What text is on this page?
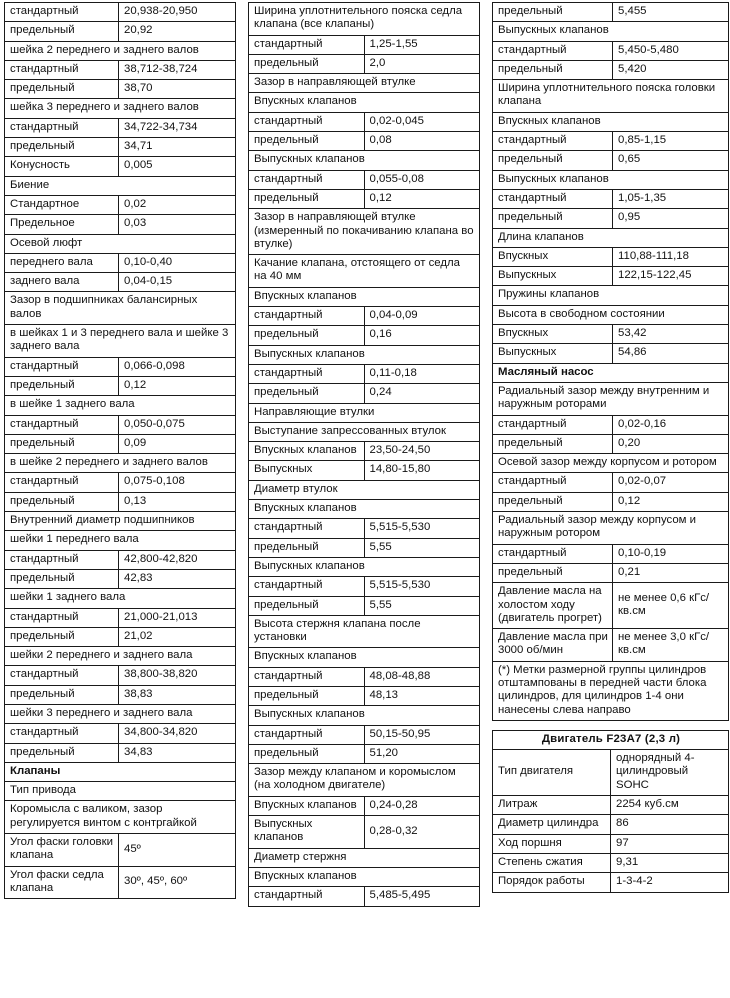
стандартный	20,938-20,950
предельный	20,92
шейка 2 переднего и заднего валов	
стандартный	38,712-38,724
предельный	38,70
шейка 3 переднего и заднего валов	
стандартный	34,722-34,734
предельный	34,71
Конусность	0,005
Биение	
Стандартное	0,02
Предельное	0,03
Осевой люфт	
переднего вала	0,10-0,40
заднего вала	0,04-0,15
Зазор в подшипниках балансирных валов	
в шейках 1 и 3 переднего вала и шейке 3 заднего вала	
стандартный	0,066-0,098
предельный	0,12
в шейке 1 заднего вала	
стандартный	0,050-0,075
предельный	0,09
в шейке 2 переднего и заднего валов	
стандартный	0,075-0,108
предельный	0,13
Внутренний диаметр подшипников	
шейки 1 переднего вала	
стандартный	42,800-42,820
предельный	42,83
шейки 1 заднего вала	
стандартный	21,000-21,013
предельный	21,02
шейки 2 переднего и заднего вала	
стандартный	38,800-38,820
предельный	38,83
шейки 3 переднего и заднего вала	
стандартный	34,800-34,820
предельный	34,83
Клапаны	
Тип привода	
Коромысла с валиком, зазор регулируется винтом с контргайкой	
Угол фаски головки клапана	45º
Угол фаски седла клапана	30º, 45º, 60º
Ширина уплотнительного пояска седла клапана (все клапаны)	
стандартный	1,25-1,55
предельный	2,0
Зазор в направляющей втулке	
Впускных клапанов	
стандартный	0,02-0,045
предельный	0,08
Выпускных клапанов	
стандартный	0,055-0,08
предельный	0,12
Зазор в направляющей втулке (измеренный по покачиванию клапана во втулке)	
Качание клапана, отстоящего от седла на 40 мм	
Впускных клапанов	
стандартный	0,04-0,09
предельный	0,16
Выпускных клапанов	
стандартный	0,11-0,18
предельный	0,24
Направляющие втулки	
Выступание запрессованных втулок	
Впускных клапанов	23,50-24,50
Выпускных	14,80-15,80
Диаметр втулок	
Впускных клапанов	
стандартный	5,515-5,530
предельный	5,55
Выпускных клапанов	
стандартный	5,515-5,530
предельный	5,55
Высота стержня клапана после установки	
Впускных клапанов	
стандартный	48,08-48,88
предельный	48,13
Выпускных клапанов	
стандартный	50,15-50,95
предельный	51,20
Зазор между клапаном и коромыслом (на холодном двигателе)	
Впускных клапанов	0,24-0,28
Выпускных клапанов	0,28-0,32
Диаметр стержня	
Впускных клапанов	
стандартный	5,485-5,495
предельный	5,455
Выпускных клапанов	
стандартный	5,450-5,480
предельный	5,420
Ширина уплотнительного пояска головки клапана	
Впускных клапанов	
стандартный	0,85-1,15
предельный	0,65
Выпускных клапанов	
стандартный	1,05-1,35
предельный	0,95
Длина клапанов	
Впускных	110,88-111,18
Выпускных	122,15-122,45
Пружины клапанов	
Высота в свободном состоянии	
Впускных	53,42
Выпускных	54,86
Масляный насос	
Радиальный зазор между внутренним и наружным роторами	
стандартный	0,02-0,16
предельный	0,20
Осевой зазор между корпусом и ротором	
стандартный	0,02-0,07
предельный	0,12
Радиальный зазор между корпусом и наружным ротором	
стандартный	0,10-0,19
предельный	0,21
Давление масла на холостом ходу (двигатель прогрет)	не менее 0,6 кГс/кв.см
Давление масла при 3000 об/мин	не менее 3,0 кГс/кв.см
(*) Метки размерной группы цилиндров отштампованы в передней части блока цилиндров, для цилиндров 1-4 они нанесены слева направо	
Двигатель F23A7 (2,3 л)	
Тип двигателя	однорядный 4-цилиндровый SOHC
Литраж	2254 куб.см
Диаметр цилиндра	86
Ход поршня	97
Степень сжатия	9,31
Порядок работы	1-3-4-2
